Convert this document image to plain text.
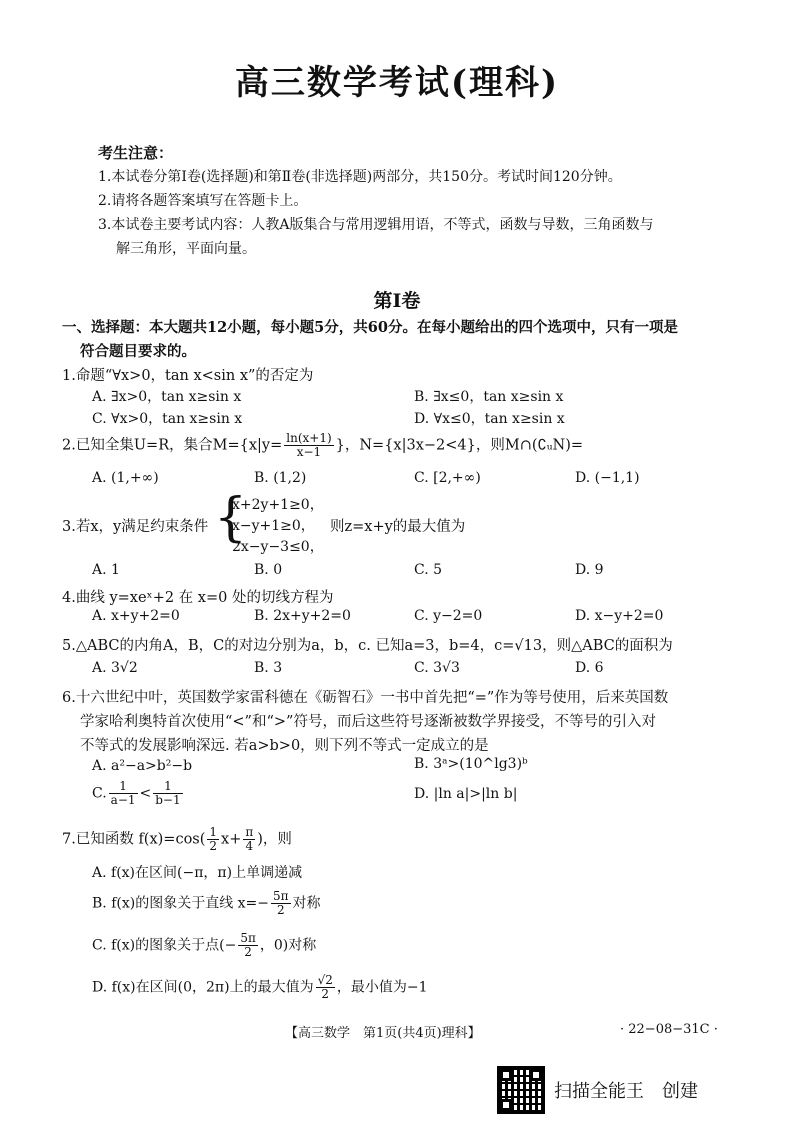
高三数学考试(理科)
考生注意：
1.本试卷分第Ⅰ卷(选择题)和第Ⅱ卷(非选择题)两部分，共150分。考试时间120分钟。
2.请将各题答案填写在答题卡上。
3.本试卷主要考试内容：人教A版集合与常用逻辑用语，不等式，函数与导数，三角函数与
解三角形，平面向量。
第Ⅰ卷
一、选择题：本大题共12小题，每小题5分，共60分。在每小题给出的四个选项中，只有一项是
符合题目要求的。
1.命题“∀x>0，tan x<sin x”的否定为
A. ∃x>0，tan x≥sin x	B. ∃x≤0，tan x≥sin x
C. ∀x>0，tan x≥sin x	D. ∀x≤0，tan x≥sin x
2.已知全集U=R，集合$M=\{x|y= \frac{\ln(x+1)}{x-1}$ }，N={x|3x−2<4}，则M∩(∁ᵤN)=
A. (1,+∞)	B. (1,2)	C. [2,+∞)	D. (−1,1)
3.若x，y满足约束条件 {
x+2y+1≥0，
x−y+1≥0，
2x−y−3≤0，
则z=x+y的最大值为
A. 1	B. 0	C. 5	D. 9
4.曲线 y=xeˣ+2 在 x=0 处的切线方程为
A. x+y+2=0	B. 2x+y+2=0	C. y−2=0	D. x−y+2=0
5.△ABC的内角A，B，C的对边分别为a，b，c. 已知a=3，b=4，c=√13，则△ABC的面积为
A. 3√2	B. 3	C. 3√3	D. 6
6.十六世纪中叶，英国数学家雷科德在《砺智石》一书中首先把“=”作为等号使用，后来英国数
学家哈利奥特首次使用“<”和“>”符号，而后这些符号逐渐被数学界接受，不等号的引入对
不等式的发展影响深远. 若a>b>0，则下列不等式一定成立的是
A. a²−a>b²−b	B. 3ᵃ>(10^lg3)ᵇ
C. $\frac{1}{a-1} < \frac{1}{b-1}$	D. |ln a|>|ln b|
7.已知函数 $f(x)=\cos( \frac{1}{2} x+ \frac{\pi}{4}$ )，则
A. f(x)在区间(−π，π)上单调递减
B. f(x)的图象关于直线 $x=- \frac{5\pi}{2}$ 对称
C. f(x)的图象关于点(− $\frac{5\pi}{2}$ ，0)对称
D. f(x)在区间(0，2π)上的最大值为 $\frac{√2}{2}$ ，最小值为−1
【高三数学　第1页(共4页)理科】	· 22−08−31C ·
扫描全能王　创建
